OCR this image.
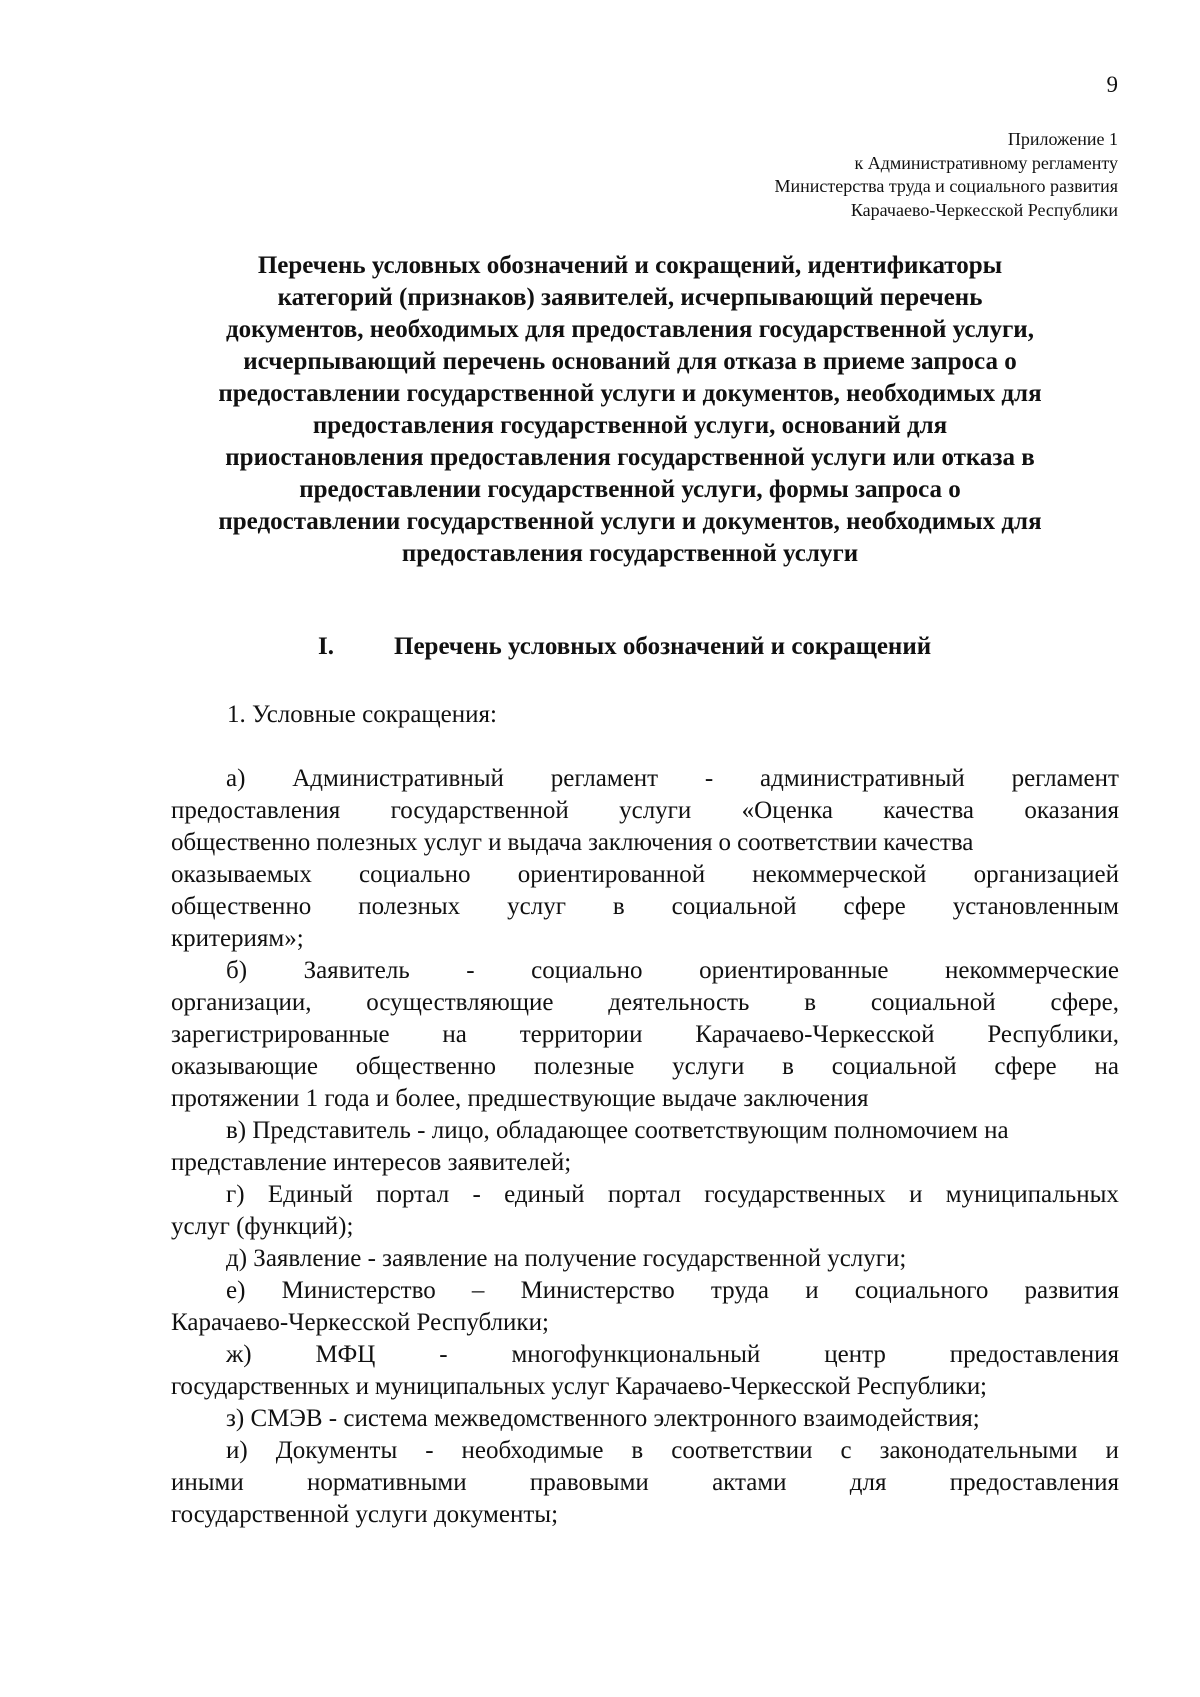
9
Приложение 1
к Административному регламенту
Министерства труда и социального развития
Карачаево-Черкесской Республики
Перечень условных обозначений и сокращений, идентификаторы
категорий (признаков) заявителей, исчерпывающий перечень
документов, необходимых для предоставления государственной услуги,
исчерпывающий перечень оснований для отказа в приеме запроса о
предоставлении государственной услуги и документов, необходимых для
предоставления государственной услуги, оснований для
приостановления предоставления государственной услуги или отказа в
предоставлении государственной услуги, формы запроса о
предоставлении государственной услуги и документов, необходимых для
предоставления государственной услуги
I. Перечень условных обозначений и сокращений
1. Условные сокращения:
а) Административный регламент - административный регламент
предоставления государственной услуги «Оценка качества оказания
общественно полезных услуг и выдача заключения о соответствии качества
оказываемых социально ориентированной некоммерческой организацией
общественно полезных услуг в социальной сфере установленным
критериям»;
б) Заявитель - социально ориентированные некоммерческие
организации, осуществляющие деятельность в социальной сфере,
зарегистрированные на территории Карачаево-Черкесской Республики,
оказывающие общественно полезные услуги в социальной сфере на
протяжении 1 года и более, предшествующие выдаче заключения
в) Представитель - лицо, обладающее соответствующим полномочием на
представление интересов заявителей;
г) Единый портал - единый портал государственных и муниципальных
услуг (функций);
д) Заявление - заявление на получение государственной услуги;
е) Министерство – Министерство труда и социального развития
Карачаево-Черкесской Республики;
ж)	МФЦ	-	многофункциональный	центр	предоставления
государственных и муниципальных услуг Карачаево-Черкесской Республики;
з) СМЭВ - система межведомственного электронного взаимодействия;
и) Документы - необходимые в соответствии с законодательными и
иными	нормативными	правовыми	актами	для	предоставления
государственной услуги документы;
